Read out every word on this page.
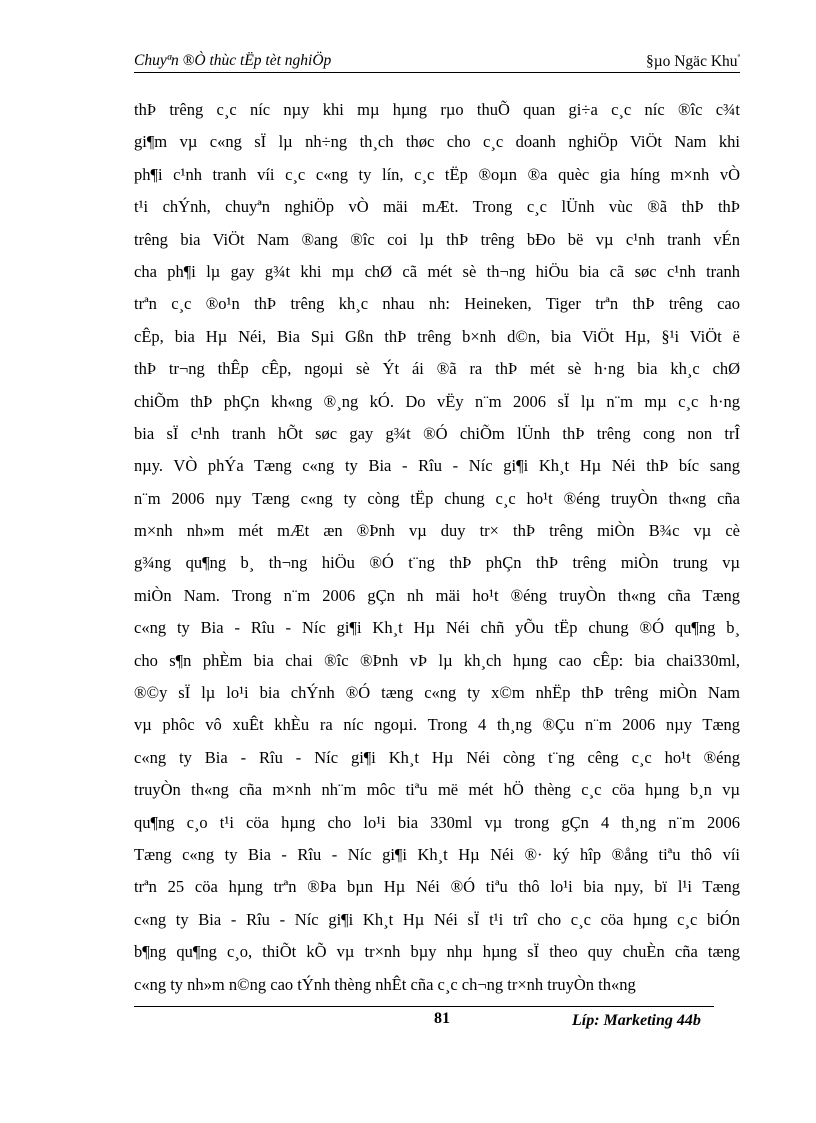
Chuyªn ®Ò thùc tËp tèt nghiÖp	§µo Ngäc Khu$^ª$
thÞ trêng c¸c níc nµy khi mµ hµng rµo thuÕ quan gi÷a c¸c níc ®îc c¾t
gi¶m vµ c«ng sÏ lµ nh÷ng th¸ch thøc cho c¸c doanh nghiÖp ViÖt Nam khi
ph¶i c¹nh tranh víi c¸c c«ng ty lín, c¸c tËp ®oµn ®a quèc gia híng m×nh vÒ
t¹i chÝnh, chuyªn nghiÖp vÒ mäi mÆt. Trong c¸c lÜnh vùc ®ã thÞ thÞ
trêng bia ViÖt Nam ®ang ®îc coi lµ thÞ trêng bÐo bë vµ c¹nh tranh vÉn
cha ph¶i lµ gay g¾t khi mµ chØ cã mét sè th¬ng hiÖu bia cã søc c¹nh tranh
trªn c¸c ®o¹n thÞ trêng kh¸c nhau nh: Heineken, Tiger trªn thÞ trêng cao
cÊp, bia Hµ Néi, Bia Sµi Gßn thÞ trêng b×nh d©n, bia ViÖt Hµ, §¹i ViÖt ë
thÞ tr¬ng thÊp cÊp, ngoµi sè Ýt ái ®ã ra thÞ mét sè h·ng bia kh¸c chØ
chiÕm thÞ phÇn kh«ng ®¸ng kÓ. Do vËy n¨m 2006 sÏ lµ n¨m mµ c¸c h·ng
bia sÏ c¹nh tranh hÕt søc gay g¾t ®Ó chiÕm lÜnh thÞ trêng cong non trÎ
nµy. VÒ phÝa Tæng c«ng ty Bia - Rîu - Níc gi¶i Kh¸t Hµ Néi thÞ bíc sang
n¨m 2006 nµy Tæng c«ng ty còng tËp chung c¸c ho¹t ®éng truyÒn th«ng cña
m×nh nh»m mét mÆt æn ®Þnh vµ duy tr× thÞ trêng miÒn B¾c vµ cè
g¾ng qu¶ng b¸ th¬ng hiÖu ®Ó t¨ng thÞ phÇn thÞ trêng miÒn trung vµ
miÒn Nam. Trong n¨m 2006 gÇn nh mäi ho¹t ®éng truyÒn th«ng cña Tæng
c«ng ty Bia - Rîu - Níc gi¶i Kh¸t Hµ Néi chñ yÕu tËp chung ®Ó qu¶ng b¸
cho s¶n phÈm bia chai ®îc ®Þnh vÞ lµ kh¸ch hµng cao cÊp: bia chai330ml,
®©y sÏ lµ lo¹i bia chÝnh ®Ó tæng c«ng ty x©m nhËp thÞ trêng miÒn Nam
vµ phôc vô xuÊt khÈu ra níc ngoµi. Trong 4 th¸ng ®Çu n¨m 2006 nµy Tæng
c«ng ty Bia - Rîu - Níc gi¶i Kh¸t Hµ Néi còng t¨ng cêng c¸c ho¹t ®éng
truyÒn th«ng cña m×nh nh¨m môc tiªu më mét hÖ thèng c¸c cöa hµng b¸n vµ
qu¶ng c¸o t¹i cöa hµng cho lo¹i bia 330ml vµ trong gÇn 4 th¸ng n¨m 2006
Tæng c«ng ty Bia - Rîu - Níc gi¶i Kh¸t Hµ Néi ®· ký hîp ®ång tiªu thô víi
trªn 25 cöa hµng trªn ®Þa bµn Hµ Néi ®Ó tiªu thô lo¹i bia nµy, bï l¹i Tæng
c«ng ty Bia - Rîu - Níc gi¶i Kh¸t Hµ Néi sÏ t¹i trî cho c¸c cöa hµng c¸c biÓn
b¶ng qu¶ng c¸o, thiÕt kÕ vµ tr×nh bµy nhµ hµng sÏ theo quy chuÈn cña tæng
c«ng ty nh»m n©ng cao tÝnh thèng nhÊt cña c¸c ch¬ng tr×nh truyÒn th«ng
81	Líp: Marketing 44b
